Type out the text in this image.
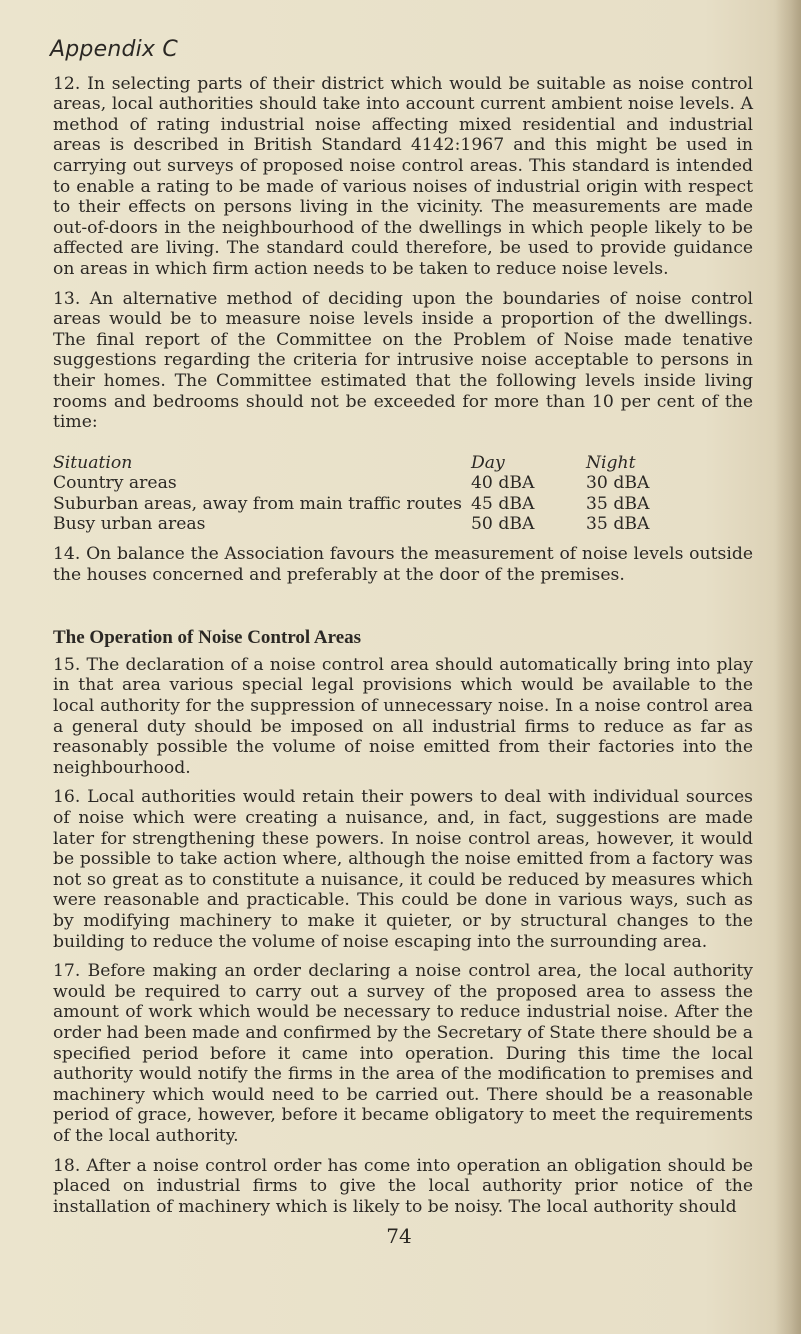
Appendix C

12. In selecting parts of their district which would be suitable as noise control areas, local authorities should take into account current ambient noise levels. A method of rating industrial noise affecting mixed residential and industrial areas is described in British Standard 4142:1967 and this might be used in carrying out surveys of proposed noise control areas. This standard is intended to enable a rating to be made of various noises of industrial origin with respect to their effects on persons living in the vicinity. The measurements are made out-of-doors in the neighbourhood of the dwellings in which people likely to be affected are living. The standard could therefore, be used to provide guidance on areas in which firm action needs to be taken to reduce noise levels.

13. An alternative method of deciding upon the boundaries of noise control areas would be to measure noise levels inside a proportion of the dwellings. The final report of the Committee on the Problem of Noise made tenative suggestions regarding the criteria for intrusive noise acceptable to persons in their homes. The Committee estimated that the following levels inside living rooms and bedrooms should not be exceeded for more than 10 per cent of the time:

Situation	Day	Night
Country areas	40 dBA	30 dBA
Suburban areas, away from main traffic routes 45 dBA	35 dBA
Busy urban areas	50 dBA	35 dBA

14. On balance the Association favours the measurement of noise levels outside the houses concerned and preferably at the door of the premises.

The Operation of Noise Control Areas

15. The declaration of a noise control area should automatically bring into play in that area various special legal provisions which would be available to the local authority for the suppression of unnecessary noise. In a noise control area a general duty should be imposed on all industrial firms to reduce as far as reasonably possible the volume of noise emitted from their factories into the neighbourhood.

16. Local authorities would retain their powers to deal with individual sources of noise which were creating a nuisance, and, in fact, suggestions are made later for strengthening these powers. In noise control areas, however, it would be possible to take action where, although the noise emitted from a factory was not so great as to constitute a nuisance, it could be reduced by measures which were reasonable and practicable. This could be done in various ways, such as by modifying machinery to make it quieter, or by structural changes to the building to reduce the volume of noise escaping into the surrounding area.

17. Before making an order declaring a noise control area, the local authority would be required to carry out a survey of the proposed area to assess the amount of work which would be necessary to reduce industrial noise. After the order had been made and confirmed by the Secretary of State there should be a specified period before it came into operation. During this time the local authority would notify the firms in the area of the modification to premises and machinery which would need to be carried out. There should be a reasonable period of grace, however, before it became obligatory to meet the requirements of the local authority.

18. After a noise control order has come into operation an obligation should be placed on industrial firms to give the local authority prior notice of the installation of machinery which is likely to be noisy. The local authority should

74
